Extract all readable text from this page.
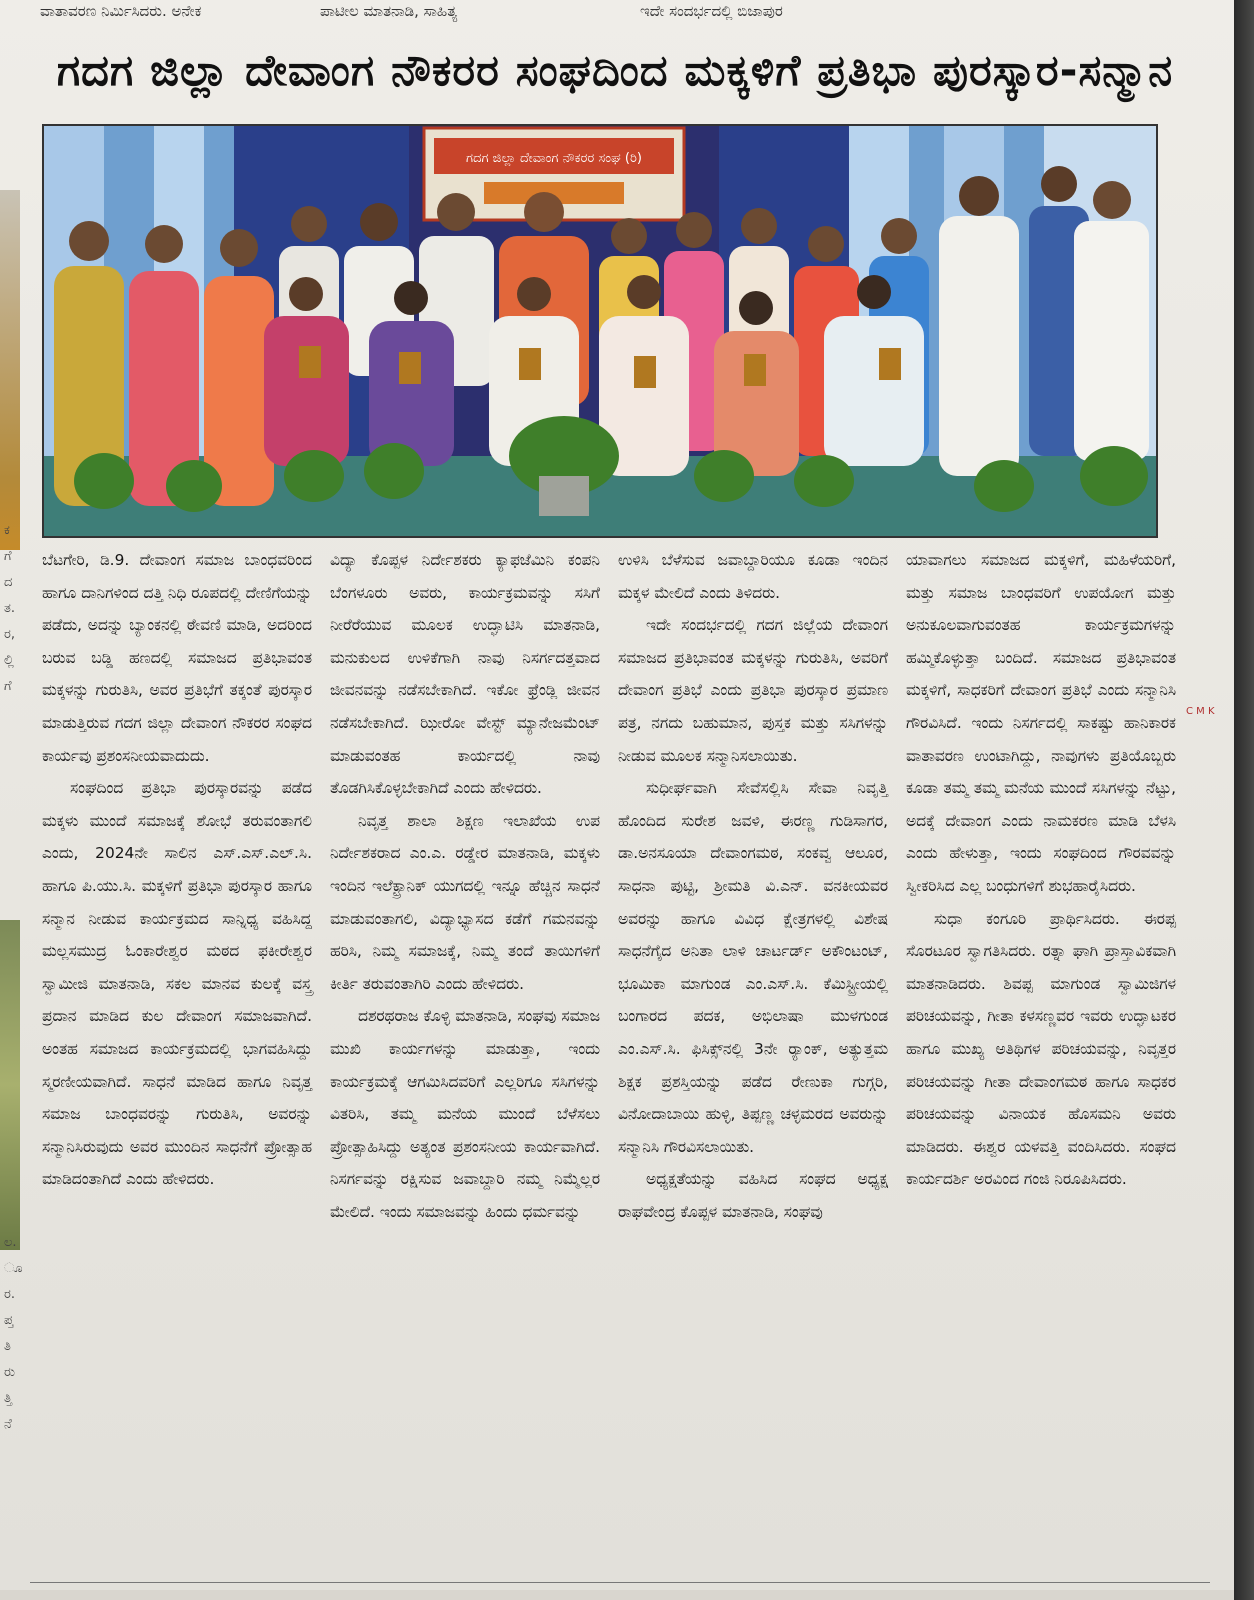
ವಾತಾವರಣ ನಿರ್ಮಿಸಿದರು. ಅನೇಕ	ಪಾಟೀಲ ಮಾತನಾಡಿ, ಸಾಹಿತ್ಯ	ಇದೇ ಸಂದರ್ಭದಲ್ಲಿ ಬಿಜಾಪುರ
ಕ
ಗೆ
ದ
ತ.
ರ,
ಲ್ಲಿ
ಗೆ
ಲ.
ೂ
ರ.
ಪ್ತ
ತಿ
ರು
ತ್ತಿ
ನೆ
ಗದಗ ಜಿಲ್ಲಾ ದೇವಾಂಗ ನೌಕರರ ಸಂಘದಿಂದ ಮಕ್ಕಳಿಗೆ ಪ್ರತಿಭಾ ಪುರಸ್ಕಾರ-ಸನ್ಮಾನ
ಗದಗ ಜಿಲ್ಲಾ ದೇವಾಂಗ ನೌಕರರ ಸಂಘ (ರಿ)

ಬೆಟಗೇರಿ, ಡಿ.9. ದೇವಾಂಗ ಸಮಾಜ ಬಾಂಧವರಿಂದ ಹಾಗೂ ದಾನಿಗಳಿಂದ ದತ್ತಿ ನಿಧಿ ರೂಪದಲ್ಲಿ ದೇಣಿಗೆಯನ್ನು ಪಡೆದು, ಅದನ್ನು ಬ್ಯಾಂಕನಲ್ಲಿ ಠೇವಣಿ ಮಾಡಿ, ಅದರಿಂದ ಬರುವ ಬಡ್ಡಿ ಹಣದಲ್ಲಿ ಸಮಾಜದ ಪ್ರತಿಭಾವಂತ ಮಕ್ಕಳನ್ನು ಗುರುತಿಸಿ, ಅವರ ಪ್ರತಿಭೆಗೆ ತಕ್ಕಂತೆ ಪುರಸ್ಕಾರ ಮಾಡುತ್ತಿರುವ ಗದಗ ಜಿಲ್ಲಾ ದೇವಾಂಗ ನೌಕರರ ಸಂಘದ ಕಾರ್ಯವು ಪ್ರಶಂಸನೀಯವಾದುದು.

ಸಂಘದಿಂದ ಪ್ರತಿಭಾ ಪುರಸ್ಕಾರವನ್ನು ಪಡೆದ ಮಕ್ಕಳು ಮುಂದೆ ಸಮಾಜಕ್ಕೆ ಶೋಭೆ ತರುವಂತಾಗಲಿ ಎಂದು, 2024ನೇ ಸಾಲಿನ ಎಸ್.ಎಸ್.ಎಲ್.ಸಿ. ಹಾಗೂ ಪಿ.ಯು.ಸಿ. ಮಕ್ಕಳಿಗೆ ಪ್ರತಿಭಾ ಪುರಸ್ಕಾರ ಹಾಗೂ ಸನ್ಮಾನ ನೀಡುವ ಕಾರ್ಯಕ್ರಮದ ಸಾನ್ನಿಧ್ಯ ವಹಿಸಿದ್ದ ಮಲ್ಲಸಮುದ್ರ ಓಂಕಾರೇಶ್ವರ ಮಠದ ಫಕೀರೇಶ್ವರ ಸ್ವಾಮೀಜಿ ಮಾತನಾಡಿ, ಸಕಲ ಮಾನವ ಕುಲಕ್ಕೆ ವಸ್ತ್ರ ಪ್ರದಾನ ಮಾಡಿದ ಕುಲ ದೇವಾಂಗ ಸಮಾಜವಾಗಿದೆ. ಅಂತಹ ಸಮಾಜದ ಕಾರ್ಯಕ್ರಮದಲ್ಲಿ ಭಾಗವಹಿಸಿದ್ದು ಸ್ಮರಣೀಯವಾಗಿದೆ. ಸಾಧನೆ ಮಾಡಿದ ಹಾಗೂ ನಿವೃತ್ತ ಸಮಾಜ ಬಾಂಧವರನ್ನು ಗುರುತಿಸಿ, ಅವರನ್ನು ಸನ್ಮಾನಿಸಿರುವುದು ಅವರ ಮುಂದಿನ ಸಾಧನೆಗೆ ಪ್ರೋತ್ಸಾಹ ಮಾಡಿದಂತಾಗಿದೆ ಎಂದು ಹೇಳಿದರು.

ವಿದ್ಯಾ ಕೊಪ್ಪಳ ನಿರ್ದೇಶಕರು ಕ್ಯಾಫಜೆಮಿನಿ ಕಂಪನಿ ಬೆಂಗಳೂರು ಅವರು, ಕಾರ್ಯಕ್ರಮವನ್ನು ಸಸಿಗೆ ನೀರೆರೆಯುವ ಮೂಲಕ ಉದ್ಘಾಟಿಸಿ ಮಾತನಾಡಿ, ಮನುಕುಲದ ಉಳಿಕೆಗಾಗಿ ನಾವು ನಿಸರ್ಗದತ್ತವಾದ ಜೀವನವನ್ನು ನಡೆಸಬೇಕಾಗಿದೆ. ಇಕೋ ಫ್ರೆಂಡ್ಲಿ ಜೀವನ ನಡೆಸಬೇಕಾಗಿದೆ. ಝೀರೋ ವೇಸ್ಟ್ ಮ್ಯಾನೇಜಮೆಂಟ್ ಮಾಡುವಂತಹ ಕಾರ್ಯದಲ್ಲಿ ನಾವು ತೊಡಗಿಸಿಕೊಳ್ಳಬೇಕಾಗಿದೆ ಎಂದು ಹೇಳಿದರು.

ನಿವೃತ್ತ ಶಾಲಾ ಶಿಕ್ಷಣ ಇಲಾಖೆಯ ಉಪ ನಿರ್ದೇಶಕರಾದ ಎಂ.ಎ. ರಡ್ಡೇರ ಮಾತನಾಡಿ, ಮಕ್ಕಳು ಇಂದಿನ ಇಲೆಕ್ಟ್ರಾನಿಕ್ ಯುಗದಲ್ಲಿ ಇನ್ನೂ ಹೆಚ್ಚಿನ ಸಾಧನೆ ಮಾಡುವಂತಾಗಲಿ, ವಿದ್ಯಾಭ್ಯಾಸದ ಕಡೆಗೆ ಗಮನವನ್ನು ಹರಿಸಿ, ನಿಮ್ಮ ಸಮಾಜಕ್ಕೆ, ನಿಮ್ಮ ತಂದೆ ತಾಯಿಗಳಿಗೆ ಕೀರ್ತಿ ತರುವಂತಾಗಿರಿ ಎಂದು ಹೇಳಿದರು.

ದಶರಥರಾಜ ಕೊಳ್ಳಿ ಮಾತನಾಡಿ, ಸಂಘವು ಸಮಾಜ ಮುಖಿ ಕಾರ್ಯಗಳನ್ನು ಮಾಡುತ್ತಾ, ಇಂದು ಕಾರ್ಯಕ್ರಮಕ್ಕೆ ಆಗಮಿಸಿದವರಿಗೆ ಎಲ್ಲರಿಗೂ ಸಸಿಗಳನ್ನು ವಿತರಿಸಿ, ತಮ್ಮ ಮನೆಯ ಮುಂದೆ ಬೆಳೆಸಲು ಪ್ರೋತ್ಸಾಹಿಸಿದ್ದು ಅತ್ಯಂತ ಪ್ರಶಂಸನೀಯ ಕಾರ್ಯವಾಗಿದೆ. ನಿಸರ್ಗವನ್ನು ರಕ್ಷಿಸುವ ಜವಾಬ್ದಾರಿ ನಮ್ಮ ನಿಮ್ಮೆಲ್ಲರ ಮೇಲಿದೆ. ಇಂದು ಸಮಾಜವನ್ನು ಹಿಂದು ಧರ್ಮವನ್ನು

ಉಳಿಸಿ ಬೆಳೆಸುವ ಜವಾಬ್ದಾರಿಯೂ ಕೂಡಾ ಇಂದಿನ ಮಕ್ಕಳ ಮೇಲಿದೆ ಎಂದು ತಿಳಿದರು.

ಇದೇ ಸಂದರ್ಭದಲ್ಲಿ ಗದಗ ಜಿಲ್ಲೆಯ ದೇವಾಂಗ ಸಮಾಜದ ಪ್ರತಿಭಾವಂತ ಮಕ್ಕಳನ್ನು ಗುರುತಿಸಿ, ಅವರಿಗೆ ದೇವಾಂಗ ಪ್ರತಿಭೆ ಎಂದು ಪ್ರತಿಭಾ ಪುರಸ್ಕಾರ ಪ್ರಮಾಣ ಪತ್ರ, ನಗದು ಬಹುಮಾನ, ಪುಸ್ತಕ ಮತ್ತು ಸಸಿಗಳನ್ನು ನೀಡುವ ಮೂಲಕ ಸನ್ಮಾನಿಸಲಾಯಿತು.

ಸುಧೀರ್ಘವಾಗಿ ಸೇವೆಸಲ್ಲಿಸಿ ಸೇವಾ ನಿವೃತ್ತಿ ಹೊಂದಿದ ಸುರೇಶ ಜವಳಿ, ಈರಣ್ಣ ಗುಡಿಸಾಗರ, ಡಾ.ಅನಸೂಯಾ ದೇವಾಂಗಮಠ, ಸಂಕವ್ವ ಆಲೂರ, ಸಾಧನಾ ಪುಟ್ಟಿ, ಶ್ರೀಮತಿ ವಿ.ಎನ್. ವನಕೀಯವರ ಅವರನ್ನು ಹಾಗೂ ವಿವಿಧ ಕ್ಷೇತ್ರಗಳಲ್ಲಿ ವಿಶೇಷ ಸಾಧನೆಗೈದ ಅನಿತಾ ಲಾಳಿ ಚಾರ್ಟರ್ಡ್ ಅಕೌಂಟಂಟ್, ಭೂಮಿಕಾ ಮಾಗುಂಡ ಎಂ.ಎಸ್.ಸಿ. ಕೆಮಿಸ್ಟ್ರೀಯಲ್ಲಿ ಬಂಗಾರದ ಪದಕ, ಅಭಿಲಾಷಾ ಮುಳಗುಂಡ ಎಂ.ಎಸ್.ಸಿ. ಫಿಸಿಕ್ಸ್‌ನಲ್ಲಿ 3ನೇ ರ್‍ಯಾಂಕ್, ಅತ್ಯುತ್ತಮ ಶಿಕ್ಷಕ ಪ್ರಶಸ್ತಿಯನ್ನು ಪಡೆದ ರೇಣುಕಾ ಗುಗ್ಗರಿ, ವಿನೋದಾಬಾಯಿ ಹುಳ್ಳಿ, ತಿಪ್ಪಣ್ಣ ಚಳ್ಳಮರದ ಅವರುನ್ನು ಸನ್ಮಾನಿಸಿ ಗೌರವಿಸಲಾಯಿತು.

ಅಧ್ಯಕ್ಷತೆಯನ್ನು ವಹಿಸಿದ ಸಂಘದ ಅಧ್ಯಕ್ಷ ರಾಘವೇಂದ್ರ ಕೊಪ್ಪಳ ಮಾತನಾಡಿ, ಸಂಘವು

ಯಾವಾಗಲು ಸಮಾಜದ ಮಕ್ಕಳಿಗೆ, ಮಹಿಳೆಯರಿಗೆ, ಮತ್ತು ಸಮಾಜ ಬಾಂಧವರಿಗೆ ಉಪಯೋಗ ಮತ್ತು ಅನುಕೂಲವಾಗುವಂತಹ ಕಾರ್ಯಕ್ರಮಗಳನ್ನು ಹಮ್ಮಿಕೊಳ್ಳುತ್ತಾ ಬಂದಿದೆ. ಸಮಾಜದ ಪ್ರತಿಭಾವಂತ ಮಕ್ಕಳಿಗೆ, ಸಾಧಕರಿಗೆ ದೇವಾಂಗ ಪ್ರತಿಭೆ ಎಂದು ಸನ್ಮಾನಿಸಿ ಗೌರವಿಸಿದೆ. ಇಂದು ನಿಸರ್ಗದಲ್ಲಿ ಸಾಕಷ್ಟು ಹಾನಿಕಾರಕ ವಾತಾವರಣ ಉಂಟಾಗಿದ್ದು, ನಾವುಗಳು ಪ್ರತಿಯೊಬ್ಬರು ಕೂಡಾ ತಮ್ಮ ತಮ್ಮ ಮನೆಯ ಮುಂದೆ ಸಸಿಗಳನ್ನು ನೆಟ್ಟು, ಅದಕ್ಕೆ ದೇವಾಂಗ ಎಂದು ನಾಮಕರಣ ಮಾಡಿ ಬೆಳಸಿ ಎಂದು ಹೇಳುತ್ತಾ, ಇಂದು ಸಂಘದಿಂದ ಗೌರವವನ್ನು ಸ್ವೀಕರಿಸಿದ ಎಲ್ಲ ಬಂಧುಗಳಿಗೆ ಶುಭಹಾರೈಸಿದರು.

ಸುಧಾ ಕಂಗೂರಿ ಪ್ರಾರ್ಥಿಸಿದರು. ಈರಪ್ಪ ಸೊರಟೂರ ಸ್ವಾಗತಿಸಿದರು. ರತ್ನಾ ಘಾಗಿ ಪ್ರಾಸ್ತಾವಿಕವಾಗಿ ಮಾತನಾಡಿದರು. ಶಿವಪ್ಪ ಮಾಗುಂಡ ಸ್ವಾಮಿಜಿಗಳ ಪರಿಚಯವನ್ನು, ಗೀತಾ ಕಳಸಣ್ಣವರ ಇವರು ಉದ್ಘಾಟಕರ ಹಾಗೂ ಮುಖ್ಯ ಅತಿಥಿಗಳ ಪರಿಚಯವನ್ನು, ನಿವೃತ್ತರ ಪರಿಚಯವನ್ನು ಗೀತಾ ದೇವಾಂಗಮಠ ಹಾಗೂ ಸಾಧಕರ ಪರಿಚಯವನ್ನು ವಿನಾಯಕ ಹೊಸಮನಿ ಅವರು ಮಾಡಿದರು. ಈಶ್ವರ ಯಳವತ್ತಿ ವಂದಿಸಿದರು. ಸಂಘದ ಕಾರ್ಯದರ್ಶಿ ಅರವಿಂದ ಗಂಜಿ ನಿರೂಪಿಸಿದರು.

C M K
